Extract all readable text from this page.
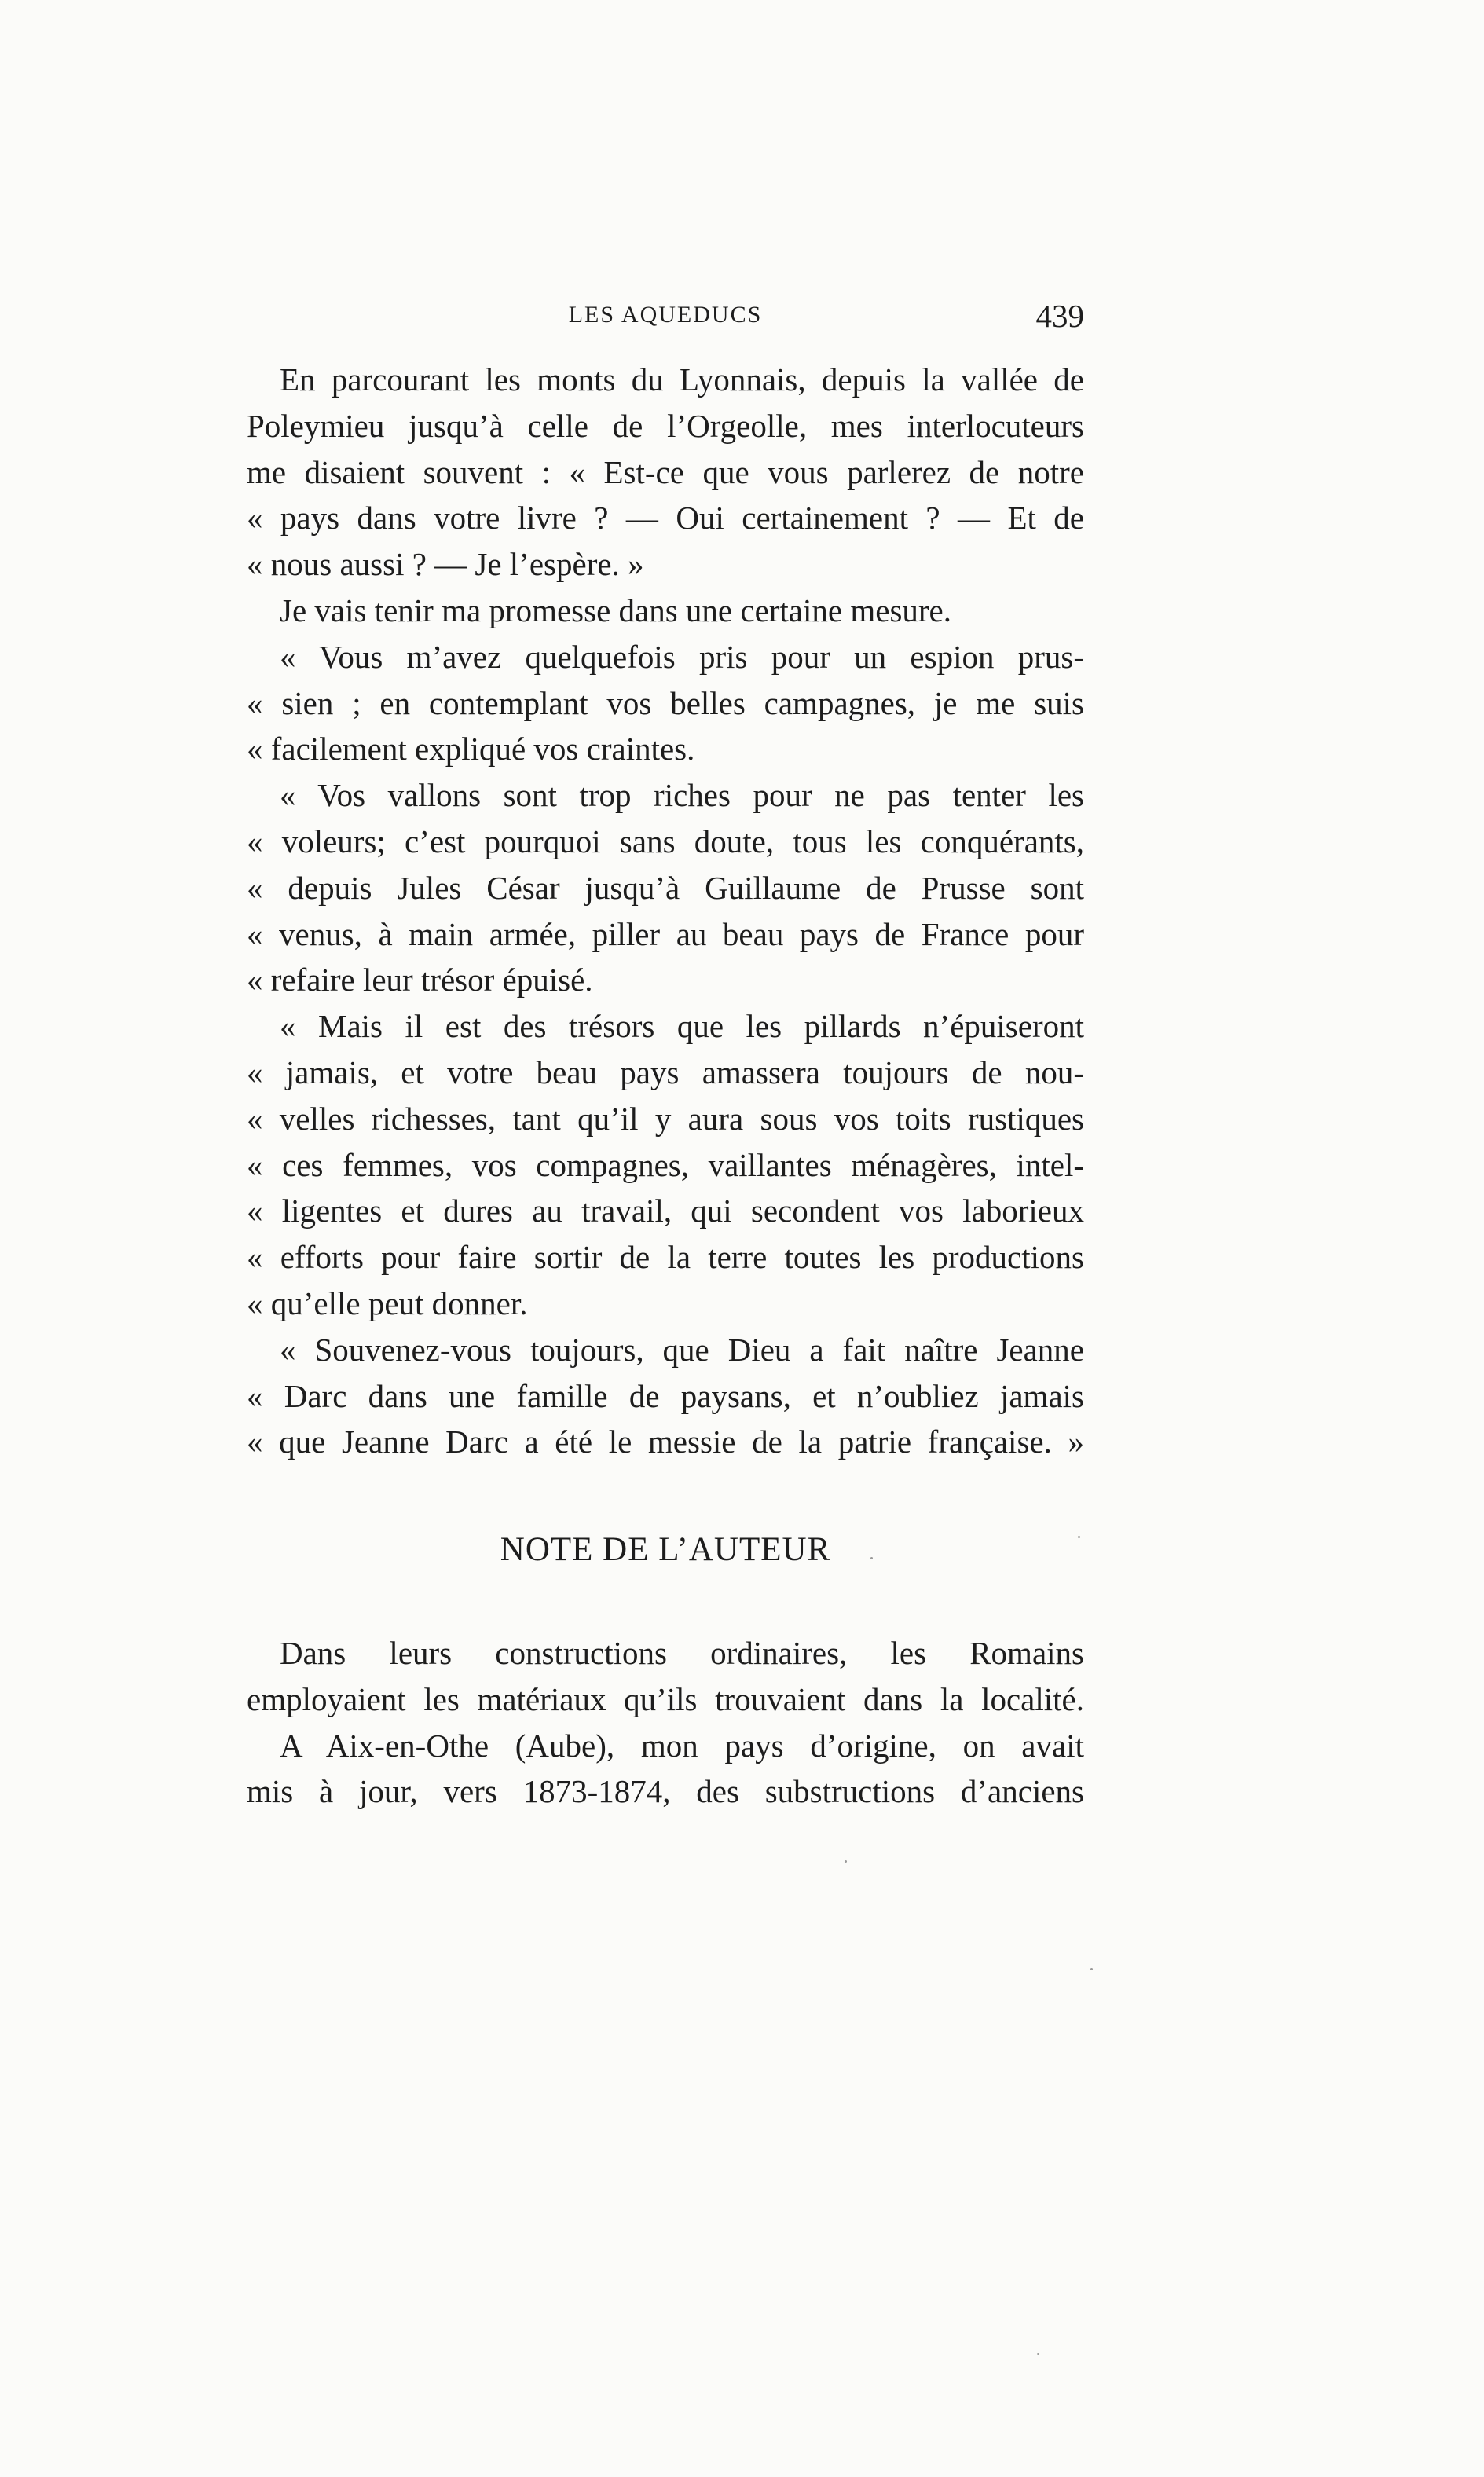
LES AQUEDUCS	439
En parcourant les monts du Lyonnais, depuis la vallée de
Poleymieu jusqu’à celle de l’Orgeolle, mes interlocuteurs
me disaient souvent : « Est-ce que vous parlerez de notre
« pays dans votre livre ? — Oui certainement ? — Et de
« nous aussi ? — Je l’espère. »
Je vais tenir ma promesse dans une certaine mesure.
« Vous m’avez quelquefois pris pour un espion prus-
« sien ; en contemplant vos belles campagnes, je me suis
« facilement expliqué vos craintes.
« Vos vallons sont trop riches pour ne pas tenter les
« voleurs; c’est pourquoi sans doute, tous les conquérants,
« depuis Jules César jusqu’à Guillaume de Prusse sont
« venus, à main armée, piller au beau pays de France pour
« refaire leur trésor épuisé.
« Mais il est des trésors que les pillards n’épuiseront
« jamais, et votre beau pays amassera toujours de nou-
« velles richesses, tant qu’il y aura sous vos toits rustiques
« ces femmes, vos compagnes, vaillantes ménagères, intel-
« ligentes et dures au travail, qui secondent vos laborieux
« efforts pour faire sortir de la terre toutes les productions
« qu’elle peut donner.
« Souvenez-vous toujours, que Dieu a fait naître Jeanne
« Darc dans une famille de paysans, et n’oubliez jamais
« que Jeanne Darc a été le messie de la patrie française. »
NOTE DE L’AUTEUR
Dans leurs constructions ordinaires, les Romains
employaient les matériaux qu’ils trouvaient dans la localité.
A Aix-en-Othe (Aube), mon pays d’origine, on avait
mis à jour, vers 1873-1874, des substructions d’anciens
